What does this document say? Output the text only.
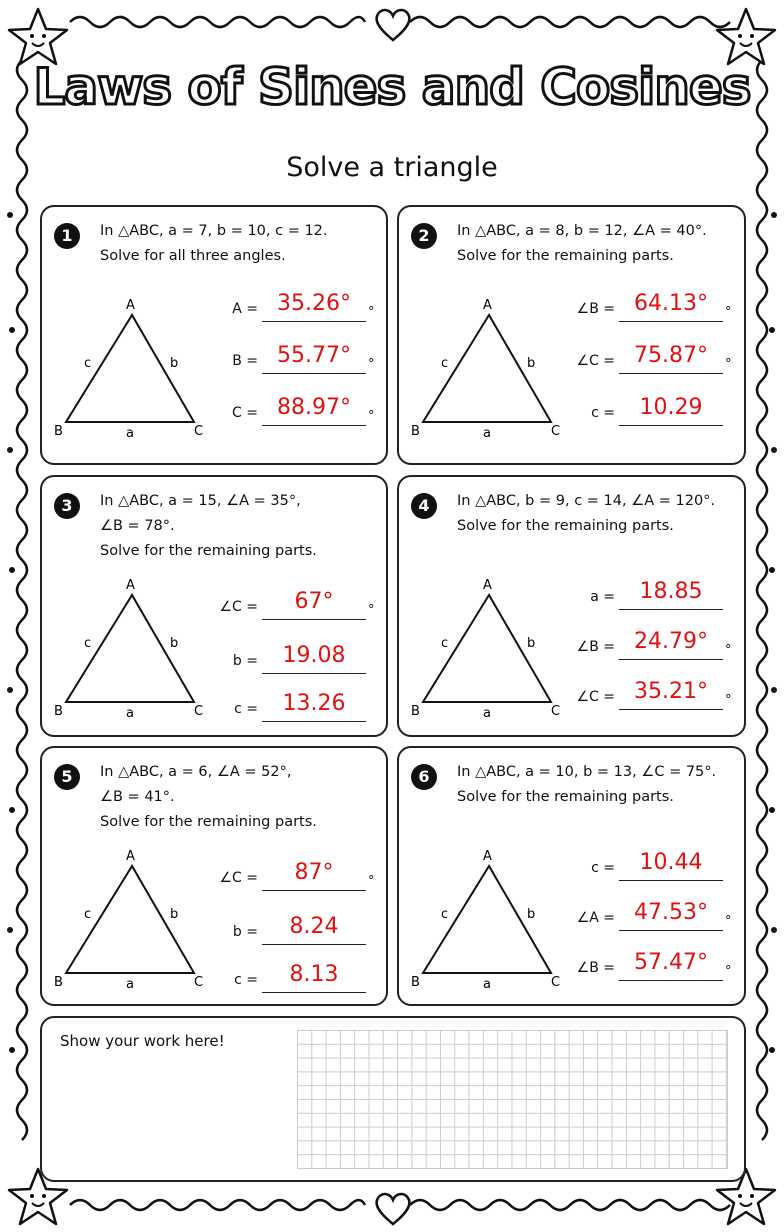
Laws of Sines and Cosines
Solve a triangle
1	In △ABC, a = 7, b = 10, c = 12.
Solve for all three angles.
A
B	C
a
b
c
A = 35.26°	°
B = 55.77°	°
C = 88.97°	°
2	In △ABC, a = 8, b = 12, ∠A = 40°.
Solve for the remaining parts.
A
B	C
a
b
c
∠B = 64.13°	°
∠C = 75.87°	°
c =	10.29
3	In △ABC, a = 15, ∠A = 35°,
∠B = 78°.
Solve for the remaining parts.
A
B	C
a
b
c
∠C =	67°	°
b =	19.08
c =	13.26
4	In △ABC, b = 9, c = 14, ∠A = 120°.
Solve for the remaining parts.
A
B	C
a
b
c
a =	18.85
∠B = 24.79°	°
∠C = 35.21°	°
5	In △ABC, a = 6, ∠A = 52°,
∠B = 41°.
Solve for the remaining parts.
A
B	C
a
b
c
∠C =	87°	°
b =	8.24
c =	8.13
6	In △ABC, a = 10, b = 13, ∠C = 75°.
Solve for the remaining parts.
A
B	C
a
b
c
c =	10.44
∠A = 47.53°	°
∠B = 57.47°	°
Show your work here!
